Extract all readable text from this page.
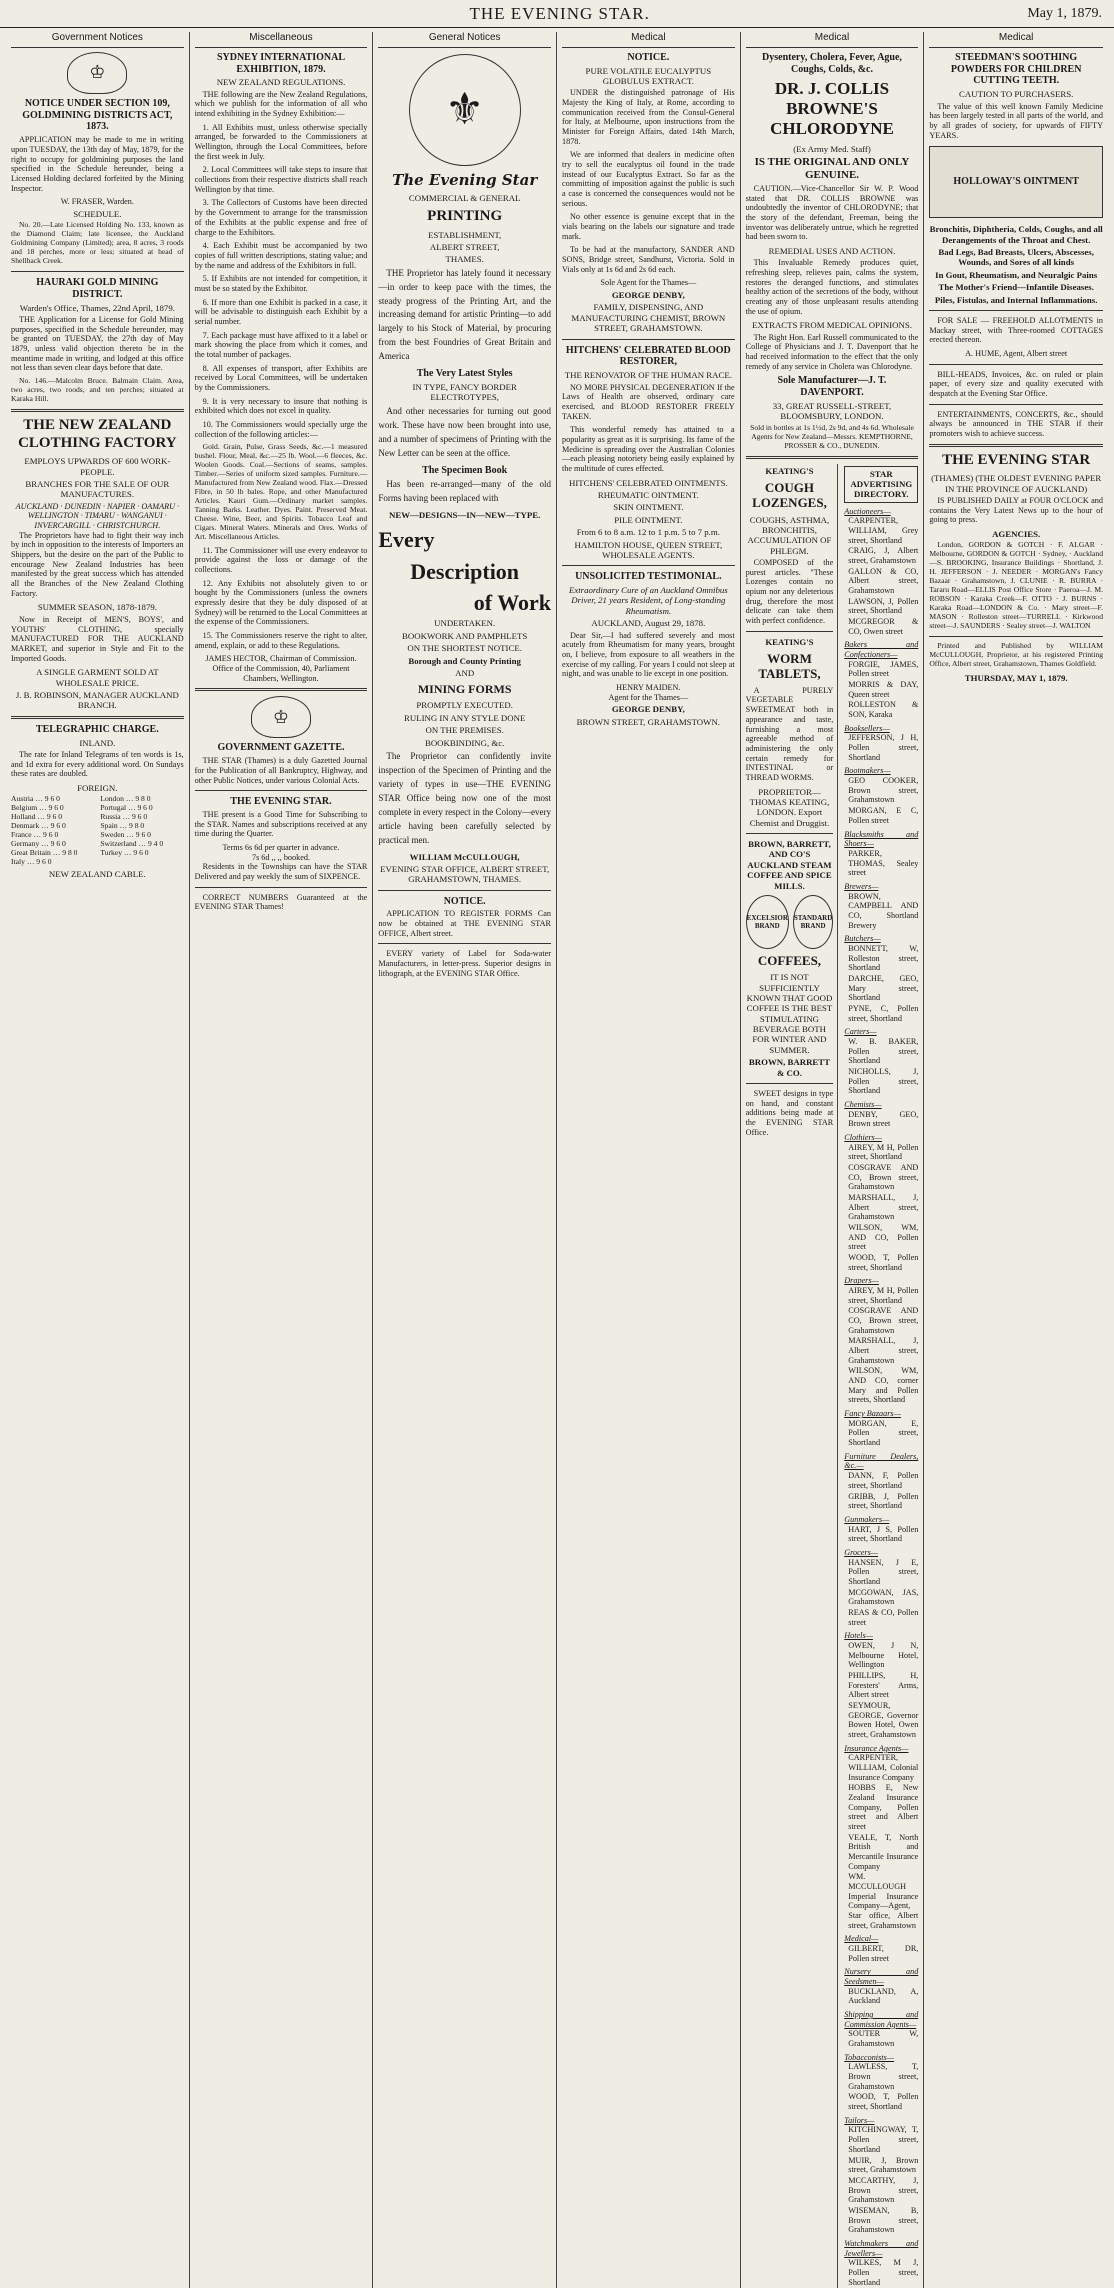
THE EVENING STAR.	May 1, 1879.
Government Notices
♔
NOTICE UNDER SECTION 109, GOLDMINING DISTRICTS ACT, 1873.

APPLICATION may be made to me in writing upon TUESDAY, the 13th day of May, 1879, for the right to occupy for goldmining purposes the land specified in the Schedule hereunder, being a Licensed Holding declared forfeited by the Mining Inspector.

W. FRASER, Warden.
SCHEDULE.

No. 20.—Late Licensed Holding No. 133, known as the Diamond Claim; late licensee, the Auckland Goldmining Company (Limited); area, 8 acres, 3 roods and 18 perches, more or less; situated at head of Shellback Creek.

HAURAKI GOLD MINING DISTRICT.
Warden's Office, Thames, 22nd April, 1879.

THE Application for a License for Gold Mining purposes, specified in the Schedule hereunder, may be granted on TUESDAY, the 27th day of May 1879, unless valid objection thereto be in the meantime made in writing, and lodged at this office not less than seven clear days before that date.

No. 146.—Malcolm Bruce. Balmain Claim. Area, two acres, two roods, and ten perches; situated at Karaka Hill.

THE NEW ZEALAND CLOTHING FACTORY
EMPLOYS UPWARDS OF 600 WORK-PEOPLE.
BRANCHES FOR THE SALE OF OUR MANUFACTURES.
AUCKLAND · DUNEDIN · NAPIER · OAMARU · WELLINGTON · TIMARU · WANGANUI · INVERCARGILL · CHRISTCHURCH.

The Proprietors have had to fight their way inch by inch in opposition to the interests of Importers an Shippers, but the desire on the part of the Public to encourage New Zealand Industries has been manifested by the great success which has attended all the Branches of the New Zealand Clothing Factory.

SUMMER SEASON, 1878-1879.

Now in Receipt of MEN'S, BOYS', and YOUTHS' CLOTHING, specially MANUFACTURED FOR THE AUCKLAND MARKET, and superior in Style and Fit to the Imported Goods.

A SINGLE GARMENT SOLD AT WHOLESALE PRICE.
J. B. ROBINSON, MANAGER AUCKLAND BRANCH.
TELEGRAPHIC CHARGE.
INLAND.

The rate for Inland Telegrams of ten words is 1s, and 1d extra for every additional word. On Sundays these rates are doubled.

FOREIGN.
Austria … 9 6 0	London … 9 8 0
Belgium … 9 6 0	Portugal … 9 6 0
Holland … 9 6 0	Russia … 9 6 0
Denmark … 9 6 0	Spain … 9 8 0
France … 9 6 0	Sweden … 9 6 0
Germany … 9 6 0	Switzerland … 9 4 0
Great Britain … 9 8 0	Turkey … 9 6 0
Italy … 9 6 0
NEW ZEALAND CABLE.
Miscellaneous
SYDNEY INTERNATIONAL EXHIBITION, 1879.
NEW ZEALAND REGULATIONS.

THE following are the New Zealand Regulations, which we publish for the information of all who intend exhibiting in the Sydney Exhibition:—

1. All Exhibits must, unless otherwise specially arranged, be forwarded to the Commissioners at Wellington, through the Local Committees, before the first week in July.

2. Local Committees will take steps to insure that collections from their respective districts shall reach Wellington by that time.

3. The Collectors of Customs have been directed by the Government to arrange for the transmission of the Exhibits at the public expense and free of charge to the Exhibitors.

4. Each Exhibit must be accompanied by two copies of full written descriptions, stating value; and by the name and address of the Exhibitors in full.

5. If Exhibits are not intended for competition, it must be so stated by the Exhibitor.

6. If more than one Exhibit is packed in a case, it will be advisable to distinguish each Exhibit by a serial number.

7. Each package must have affixed to it a label or mark showing the place from which it comes, and the total number of packages.

8. All expenses of transport, after Exhibits are received by Local Committees, will be undertaken by the Commissioners.

9. It is very necessary to insure that nothing is exhibited which does not excel in quality.

10. The Commissioners would specially urge the collection of the following articles:—

Gold. Grain, Pulse, Grass Seeds, &c.—1 measured bushel. Flour, Meal, &c.—25 lb. Wool.—6 fleeces, &c. Woolen Goods. Coal.—Sections of seams, samples. Timber.—Series of uniform sized samples. Furniture.—Manufactured from New Zealand wood. Flax.—Dressed Fibre, in 50 lb bales. Rope, and other Manufactured Articles. Kauri Gum.—Ordinary market samples. Tanning Barks. Leather. Dyes. Paint. Preserved Meat. Cheese. Wine, Beer, and Spirits. Tobacco Leaf and Cigars. Mineral Waters. Minerals and Ores. Works of Art. Miscellaneous Articles.

11. The Commissioner will use every endeavor to provide against the loss or damage of the collections.

12. Any Exhibits not absolutely given to or bought by the Commissioners (unless the owners expressly desire that they be duly disposed of at Sydney) will be returned to the Local Committees at the expense of the Commissioners.

15. The Commissioners reserve the right to alter, amend, explain, or add to these Regulations.

JAMES HECTOR, Chairman of Commission. Office of the Commission, 40, Parliament Chambers, Wellington.
♔
GOVERNMENT GAZETTE.

THE STAR (Thames) is a duly Gazetted Journal for the Publication of all Bankruptcy, Highway, and other Public Notices, under various Colonial Acts.

THE EVENING STAR.

THE present is a Good Time for Subscribing to the STAR. Names and subscriptions received at any time during the Quarter.

Terms 6s 6d per quarter in advance.
7s 6d ,, ,, booked.

Residents in the Townships can have the STAR Delivered and pay weekly the sum of SIXPENCE.

CORRECT NUMBERS Guaranteed at the EVENING STAR Thames!

General Notices
⚜
The Evening Star
COMMERCIAL & GENERAL
PRINTING
ESTABLISHMENT,
ALBERT STREET,
THAMES.

THE Proprietor has lately found it necessary—in order to keep pace with the times, the steady progress of the Printing Art, and the increasing demand for artistic Printing—to add largely to his Stock of Material, by procuring from the best Foundries of Great Britain and America

The Very Latest Styles
IN TYPE, FANCY BORDER ELECTROTYPES,

And other necessaries for turning out good work. These have now been brought into use, and a number of specimens of Printing with the New Letter can be seen at the office.

The Specimen Book

Has been re-arranged—many of the old Forms having been replaced with

NEW—DESIGNS—IN—NEW—TYPE.
Every
Description
of Work
UNDERTAKEN.
BOOKWORK AND PAMPHLETS
ON THE SHORTEST NOTICE.
Borough and County Printing
AND
MINING FORMS
PROMPTLY EXECUTED.
RULING IN ANY STYLE DONE
ON THE PREMISES.
BOOKBINDING, &c.

The Proprietor can confidently invite inspection of the Specimen of Printing and the variety of types in use—THE EVENING STAR Office being now one of the most complete in every respect in the Colony—every article having been carefully selected by practical men.

WILLIAM McCULLOUGH,
EVENING STAR OFFICE, ALBERT STREET, GRAHAMSTOWN, THAMES.
NOTICE.

APPLICATION TO REGISTER FORMS Can now be obtained at THE EVENING STAR OFFICE, Albert street.

EVERY variety of Label for Soda-water Manufacturers, in letter-press. Superior designs in lithograph, at the EVENING STAR Office.

Medical
NOTICE.
PURE VOLATILE EUCALYPTUS GLOBULUS EXTRACT.

UNDER the distinguished patronage of His Majesty the King of Italy, at Rome, according to communication received from the Consul-General for Italy, at Melbourne, upon instructions from the Minister for Foreign Affairs, dated 14th March, 1878.

We are informed that dealers in medicine often try to sell the eucalyptus oil found in the trade instead of our Eucalyptus Extract. So far as the committing of imposition against the public is such a case is concerned the consequences would not be serious.

No other essence is genuine except that in the vials bearing on the labels our signature and trade mark.

To be had at the manufactory, SANDER AND SONS, Bridge street, Sandhurst, Victoria. Sold in Vials only at 1s 6d and 2s 6d each.

Sole Agent for the Thames—
GEORGE DENBY,
FAMILY, DISPENSING, AND MANUFACTURING CHEMIST, BROWN STREET, GRAHAMSTOWN.
HITCHENS' CELEBRATED BLOOD RESTORER,
THE RENOVATOR OF THE HUMAN RACE.

NO MORE PHYSICAL DEGENERATION If the Laws of Health are observed, ordinary care exercised, and BLOOD RESTORER FREELY TAKEN.

This wonderful remedy has attained to a popularity as great as it is surprising. Its fame of the Medicine is spreading over the Australian Colonies—each pleasing notoriety being easily explained by the multitude of cures effected.

HITCHENS' CELEBRATED OINTMENTS.
RHEUMATIC OINTMENT.
SKIN OINTMENT.
PILE OINTMENT.
From 6 to 8 a.m. 12 to 1 p.m. 5 to 7 p.m.
HAMILTON HOUSE, QUEEN STREET, WHOLESALE AGENTS.
UNSOLICITED TESTIMONIAL.
Extraordinary Cure of an Auckland Omnibus Driver, 21 years Resident, of Long-standing Rheumatism.
AUCKLAND, August 29, 1878.

Dear Sir,—I had suffered severely and most acutely from Rheumatism for many years, brought on, I believe, from exposure to all weathers in the exercise of my calling. For years I could not sleep at night, and was unable to lie except in one position.

HENRY MAIDEN.
Agent for the Thames—
GEORGE DENBY,
BROWN STREET, GRAHAMSTOWN.
Medical
Dysentery, Cholera, Fever, Ague, Coughs, Colds, &c.
DR. J. COLLIS BROWNE'S CHLORODYNE
(Ex Army Med. Staff)
IS THE ORIGINAL AND ONLY GENUINE.

CAUTION.—Vice-Chancellor Sir W. P. Wood stated that DR. COLLIS BROWNE was undoubtedly the inventor of CHLORODYNE; that the story of the defendant, Freeman, being the inventor was deliberately untrue, which he regretted had been sworn to.

REMEDIAL USES AND ACTION.

This Invaluable Remedy produces quiet, refreshing sleep, relieves pain, calms the system, restores the deranged functions, and stimulates healthy action of the secretions of the body, without creating any of those unpleasant results attending the use of opium.

EXTRACTS FROM MEDICAL OPINIONS.

The Right Hon. Earl Russell communicated to the College of Physicians and J. T. Davenport that he had received information to the effect that the only remedy of any service in Cholera was Chlorodyne.

Sole Manufacturer—J. T. DAVENPORT.
33, GREAT RUSSELL-STREET, BLOOMSBURY, LONDON.
Sold in bottles at 1s 1½d, 2s 9d, and 4s 6d. Wholesale Agents for New Zealand—Messrs. KEMPTHORNE, PROSSER & CO., DUNEDIN.
KEATING'S
COUGH LOZENGES,
COUGHS, ASTHMA, BRONCHITIS, ACCUMULATION OF PHLEGM.

COMPOSED of the purest articles. "These Lozenges contain no opium nor any deleterious drug, therefore the most delicate can take them with perfect confidence.

KEATING'S
WORM TABLETS,

A PURELY VEGETABLE SWEETMEAT both in appearance and taste, furnishing a most agreeable method of administering the only certain remedy for INTESTINAL or THREAD WORMS.

PROPRIETOR—THOMAS KEATING, LONDON. Export Chemist and Druggist.
BROWN, BARRETT, AND CO'S AUCKLAND STEAM COFFEE AND SPICE MILLS.
EXCELSIOR BRAND
STANDARD BRAND
COFFEES,
IT IS NOT SUFFICIENTLY KNOWN THAT GOOD COFFEE IS THE BEST STIMULATING BEVERAGE BOTH FOR WINTER AND SUMMER.
BROWN, BARRETT & CO.

SWEET designs in type on hand, and constant additions being made at the EVENING STAR Office.

STAR ADVERTISING DIRECTORY.
Auctioneers—
CARPENTER, WILLIAM, Grey street, Shortland
CRAIG, J, Albert street, Grahamstown
GALLON & CO, Albert street, Grahamstown
LAWSON, J, Pollen street, Shortland
MCGREGOR & CO, Owen street
Bakers and Confectioners—
FORGIE, JAMES, Pollen street
MORRIS & DAY, Queen street
ROLLESTON & SON, Karaka
Booksellers—
JEFFERSON, J H, Pollen street, Shortland
Bootmakers—
GEO COOKER, Brown street, Grahamstown
MORGAN, E C, Pollen street
Blacksmiths and Shoers—
PARKER, THOMAS, Sealey street
Brewers—
BROWN, CAMPBELL AND CO, Shortland Brewery
Butchers—
BONNETT, W, Rolleston street, Shortland
DARCHE, GEO, Mary street, Shortland
PYNE, C, Pollen street, Shortland
Carters—
W. B. BAKER, Pollen street, Shortland
NICHOLLS, J, Pollen street, Shortland
Chemists—
DENBY, GEO, Brown street
Clothiers—
AIREY, M H, Pollen street, Shortland
COSGRAVE AND CO, Brown street, Grahamstown
MARSHALL, J, Albert street, Grahamstown
WILSON, WM, AND CO, Pollen street
WOOD, T, Pollen street, Shortland
Drapers—
AIREY, M H, Pollen street, Shortland
COSGRAVE AND CO, Brown street, Grahamstown
MARSHALL, J, Albert street, Grahamstown
WILSON, WM, AND CO, corner Mary and Pollen streets, Shortland
Fancy Bazaars—
MORGAN, E, Pollen street, Shortland
Furniture Dealers, &c.—
DANN, F, Pollen street, Shortland
GRIBB, J, Pollen street, Shortland
Gunmakers—
HART, J S, Pollen street, Shortland
Grocers—
HANSEN, J E, Pollen street, Shortland
MCGOWAN, JAS, Grahamstown
REAS & CO, Pollen street
Hotels—
OWEN, J N, Melbourne Hotel, Wellington
PHILLIPS, H, Foresters' Arms, Albert street
SEYMOUR, GEORGE, Governor Bowen Hotel, Owen street, Grahamstown
Insurance Agents—
CARPENTER, WILLIAM, Colonial Insurance Company
HOBBS E, New Zealand Insurance Company, Pollen street and Albert street
VEALE, T, North British and Mercantile Insurance Company
WM. MCCULLOUGH Imperial Insurance Company—Agent, Star office, Albert street, Grahamstown
Medical—
GILBERT, DR, Pollen street
Nursery and Seedsmen—
BUCKLAND, A, Auckland
Shipping and Commission Agents—
SOUTER W, Grahamstown
Tobacconists—
LAWLESS, T, Brown street, Grahamstown
WOOD, T, Pollen street, Shortland
Tailors—
KITCHINGWAY, T, Pollen street, Shortland
MUIR, J, Brown street, Grahamstown
MCCARTHY, J, Brown street, Grahamstown
WISEMAN, B, Brown street, Grahamstown
Watchmakers and Jewellers—
WILKES, M J, Pollen street, Shortland
Medical
STEEDMAN'S SOOTHING POWDERS FOR CHILDREN CUTTING TEETH.
CAUTION TO PURCHASERS.

The value of this well known Family Medicine has been largely tested in all parts of the world, and by all grades of society, for upwards of FIFTY YEARS.

HOLLOWAY'S OINTMENT
Bronchitis, Diphtheria, Colds, Coughs, and all Derangements of the Throat and Chest.
Bad Legs, Bad Breasts, Ulcers, Abscesses, Wounds, and Sores of all kinds
In Gout, Rheumatism, and Neuralgic Pains
The Mother's Friend—Infantile Diseases.
Piles, Fistulas, and Internal Inflammations.

FOR SALE — FREEHOLD ALLOTMENTS in Mackay street, with Three-roomed COTTAGES erected thereon.

A. HUME, Agent, Albert street

BILL-HEADS, Invoices, &c. on ruled or plain paper, of every size and quality executed with despatch at the Evening Star Office.

ENTERTAINMENTS, CONCERTS, &c., should always be announced in THE STAR if their promoters wish to achieve success.

THE EVENING STAR
(THAMES) (THE OLDEST EVENING PAPER IN THE PROVINCE OF AUCKLAND)

IS PUBLISHED DAILY at FOUR O'CLOCK and contains the Very Latest News up to the hour of going to press.

AGENCIES.

London, GORDON & GOTCH · F. ALGAR · Melbourne, GORDON & GOTCH · Sydney, · Auckland—S. BROOKING, Insurance Buildings · Shortland, J. H. JEFFERSON · J. NEEDER · MORGAN's Fancy Bazaar · Grahamstown, J. CLUNIE · R. BURRA · Tararu Road—ELLIS Post Office Store · Paeroa—J. M. ROBSON · Karaka Creek—F. OTTO · J. BURNS · Karaka Road—LONDON & Co. · Mary street—F. MASON · Rolleston street—TURRELL · Kirkwood street—J. SAUNDERS · Sealey street—J. WALTON

Printed and Published by WILLIAM McCULLOUGH, Proprietor, at his registered Printing Office, Albert street, Grahamstown, Thames Goldfield.

THURSDAY, MAY 1, 1879.
